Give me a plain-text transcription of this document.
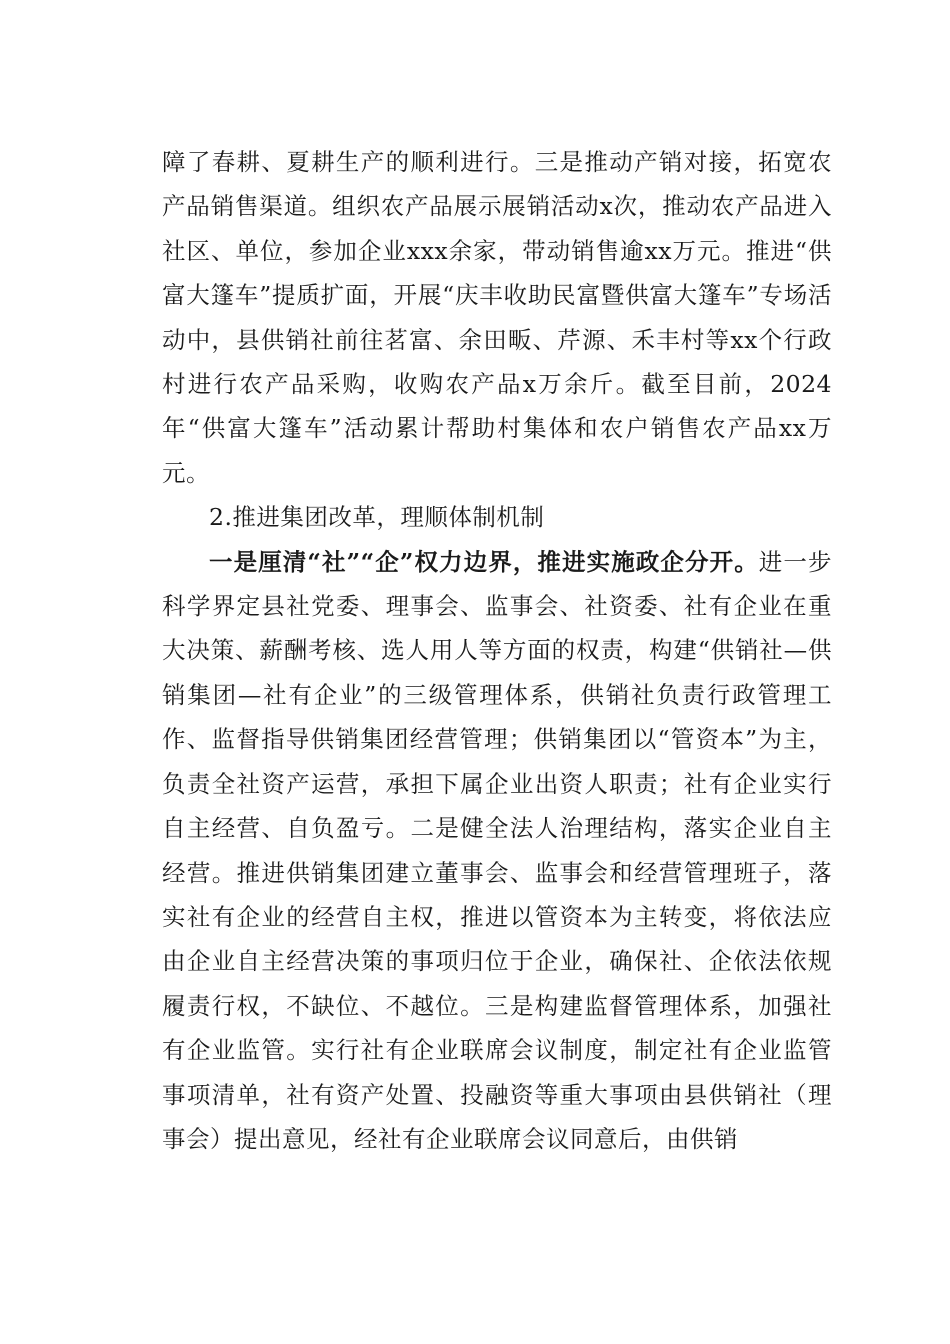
障了春耕、夏耕生产的顺利进行。三是推动产销对接，拓宽农产品销售渠道。组织农产品展示展销活动x次，推动农产品进入社区、单位，参加企业xxx余家，带动销售逾xx万元。推进“供富大篷车”提质扩面，开展“庆丰收助民富暨供富大篷车”专场活动中，县供销社前往茗富、余田畈、芹源、禾丰村等xx个行政村进行农产品采购，收购农产品x万余斤。截至目前，2024年“供富大篷车”活动累计帮助村集体和农户销售农产品xx万元。

2.推进集团改革，理顺体制机制

一是厘清“社”“企”权力边界，推进实施政企分开。进一步科学界定县社党委、理事会、监事会、社资委、社有企业在重大决策、薪酬考核、选人用人等方面的权责，构建“供销社—供销集团—社有企业”的三级管理体系，供销社负责行政管理工作、监督指导供销集团经营管理；供销集团以“管资本”为主，负责全社资产运营，承担下属企业出资人职责；社有企业实行自主经营、自负盈亏。二是健全法人治理结构，落实企业自主经营。推进供销集团建立董事会、监事会和经营管理班子，落实社有企业的经营自主权，推进以管资本为主转变，将依法应由企业自主经营决策的事项归位于企业，确保社、企依法依规履责行权，不缺位、不越位。三是构建监督管理体系，加强社有企业监管。实行社有企业联席会议制度，制定社有企业监管事项清单，社有资产处置、投融资等重大事项由县供销社（理事会）提出意见，经社有企业联席会议同意后，由供销
